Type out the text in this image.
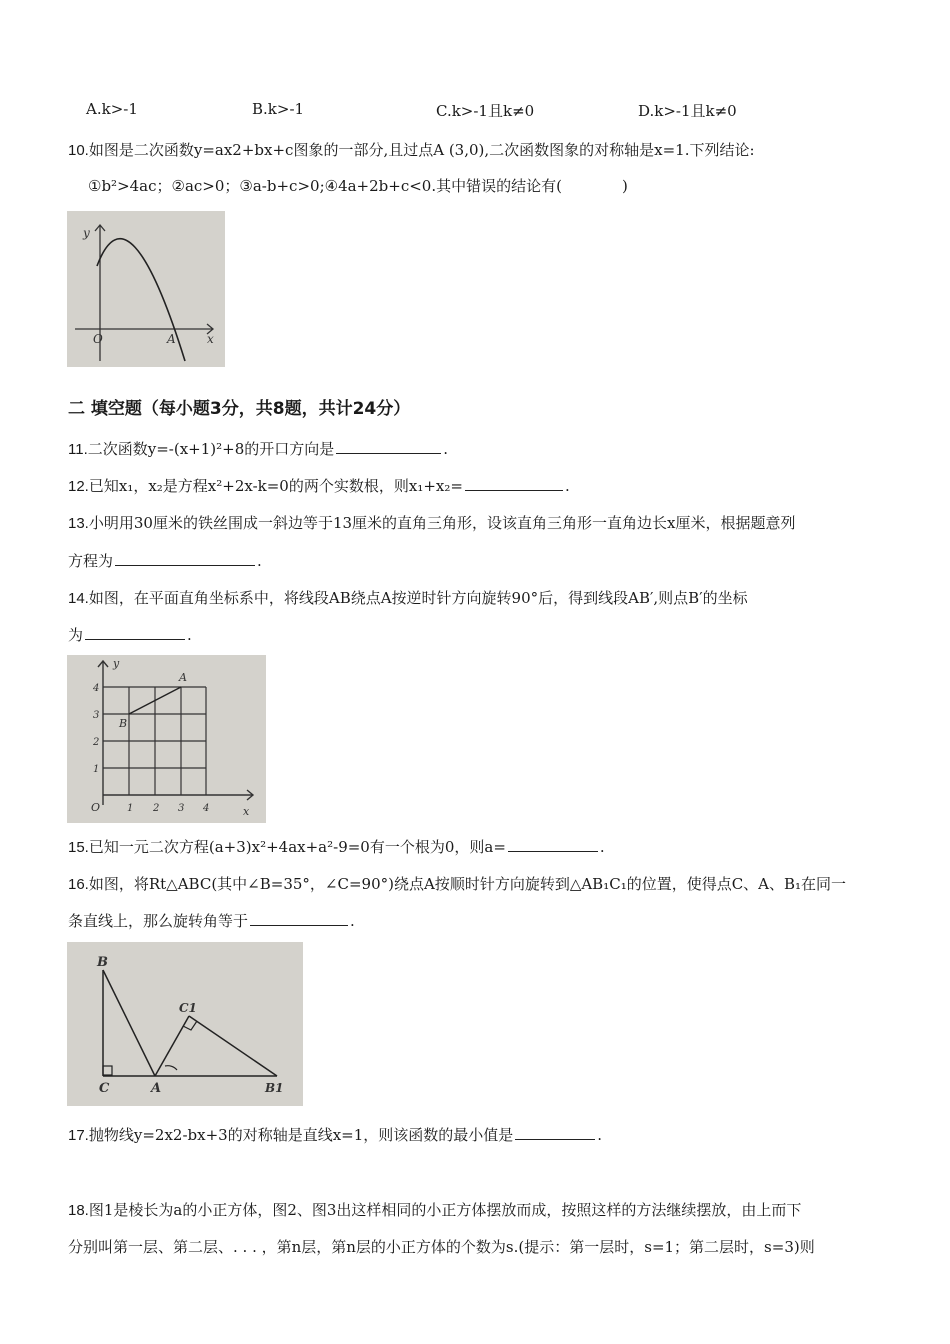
A.k>-1	B.k>-1	C.k>-1且k≠0	D.k>-1且k≠0
10.如图是二次函数y=ax2+bx+c图象的一部分,且过点A (3,0),二次函数图象的对称轴是x=1.下列结论:
①b²>4ac；②ac>0；③a-b+c>0;④4a+2b+c<0.其中错误的结论有(　　　　)
y
O	A	x
二 填空题（每小题3分，共8题，共计24分）
11.二次函数y=-(x+1)²+8的开口方向是	.
12.已知x₁，x₂是方程x²+2x-k=0的两个实数根，则x₁+x₂=	.
13.小明用30厘米的铁丝围成一斜边等于13厘米的直角三角形，设该直角三角形一直角边长x厘米，根据题意列
方程为	.
14.如图，在平面直角坐标系中，将线段AB绕点A按逆时针方向旋转90°后，得到线段AB′,则点B′的坐标
为	.
y
x
A
B
O	1 2 3 4
1
2
3
4
15.已知一元二次方程(a+3)x²+4ax+a²-9=0有一个根为0，则a=	.
16.如图，将Rt△ABC(其中∠B=35°，∠C=90°)绕点A按顺时针方向旋转到△AB₁C₁的位置，使得点C、A、B₁在同一
条直线上，那么旋转角等于	.
B
C	A
C1
B1
17.抛物线y=2x2-bx+3的对称轴是直线x=1，则该函数的最小值是	.
18.图1是棱长为a的小正方体，图2、图3出这样相同的小正方体摆放而成，按照这样的方法继续摆放，由上而下
分别叫第一层、第二层、. . . ，第n层，第n层的小正方体的个数为s.(提示：第一层时，s=1；第二层时，s=3)则
